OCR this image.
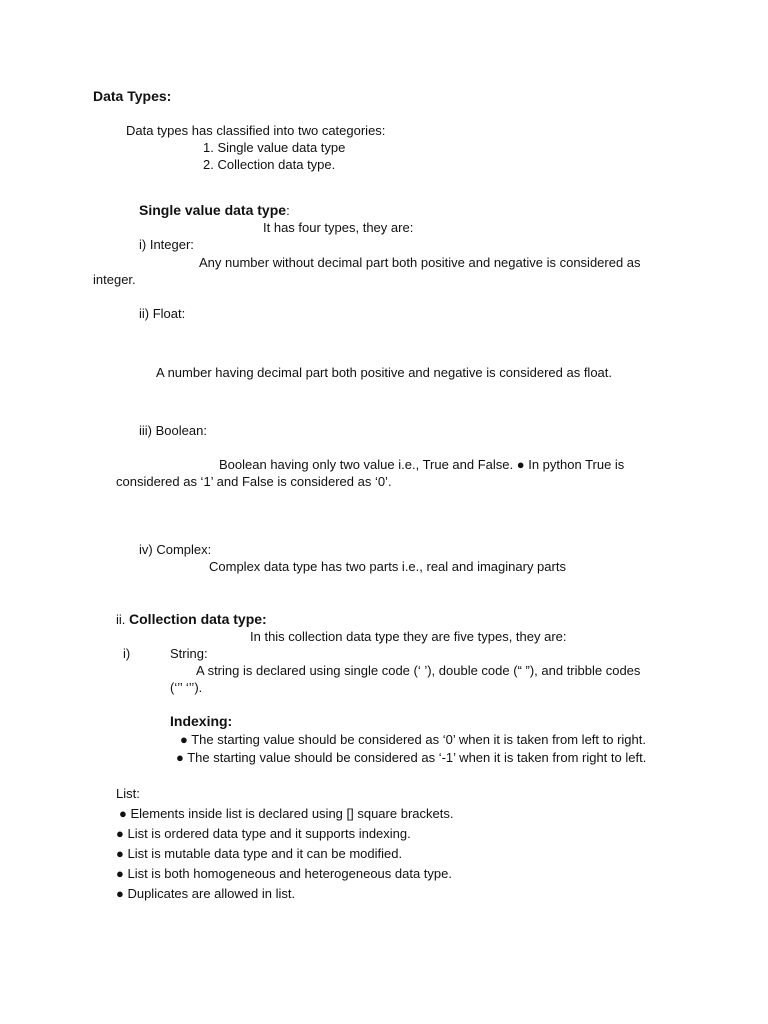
Data Types:
Data types has classified into two categories:
1. Single value data type
2. Collection data type.
Single value data type:
It has four types, they are:
i) Integer:
Any number without decimal part both positive and negative is considered as
integer.
ii) Float:
A number having decimal part both positive and negative is considered as float.
iii) Boolean:
Boolean having only two value i.e., True and False. ● In python True is
considered as ‘1’ and False is considered as ‘0’.
iv) Complex:
Complex data type has two parts i.e., real and imaginary parts
ii. Collection data type:
In this collection data type they are five types, they are:
i)	String:
A string is declared using single code (‘ ’), double code (“ ”), and tribble codes
(‘’’ ‘’’).
Indexing:
● The starting value should be considered as ‘0’ when it is taken from left to right.
● The starting value should be considered as ‘-1’ when it is taken from right to left.
List:
● Elements inside list is declared using [] square brackets.
● List is ordered data type and it supports indexing.
● List is mutable data type and it can be modified.
● List is both homogeneous and heterogeneous data type.
● Duplicates are allowed in list.
